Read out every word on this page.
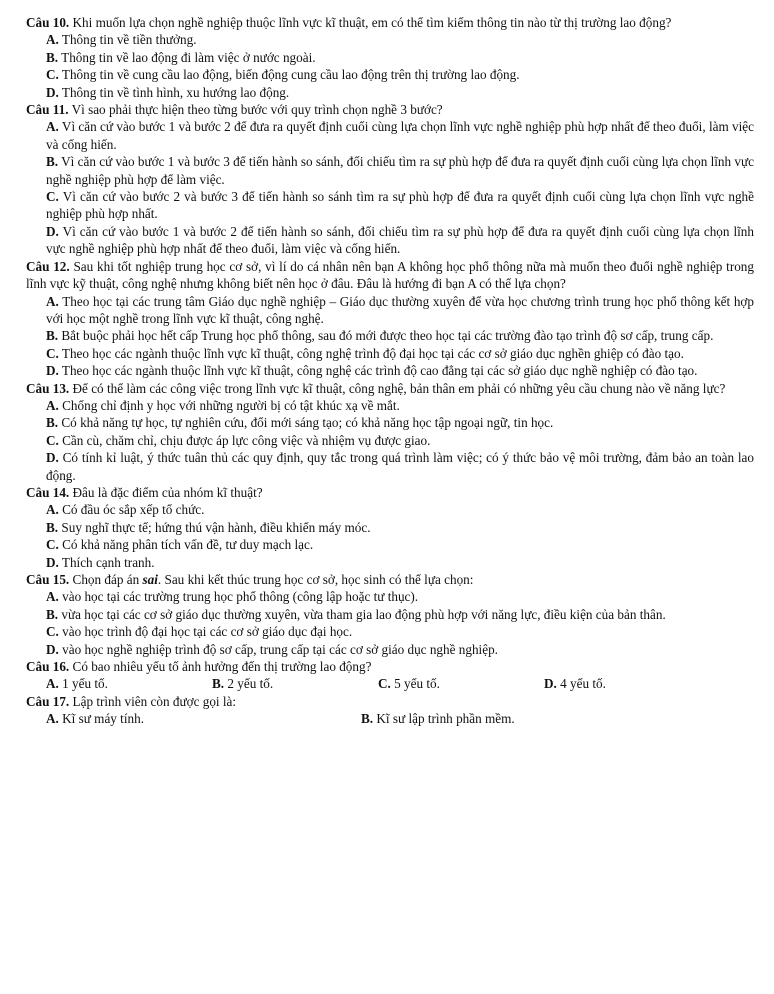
Câu 10. Khi muốn lựa chọn nghề nghiệp thuộc lĩnh vực kĩ thuật, em có thể tìm kiếm thông tin nào từ thị trường lao động?

A. Thông tin về tiền thưởng.

B. Thông tin về lao động đi làm việc ở nước ngoài.

C. Thông tin về cung cầu lao động, biến động cung cầu lao động trên thị trường lao động.

D. Thông tin về tình hình, xu hướng lao động.

Câu 11. Vì sao phải thực hiện theo từng bước với quy trình chọn nghề 3 bước?

A. Vì căn cứ vào bước 1 và bước 2 để đưa ra quyết định cuối cùng lựa chọn lĩnh vực nghề nghiệp phù hợp nhất để theo đuổi, làm việc và cống hiến.

B. Vì căn cứ vào bước 1 và bước 3 để tiến hành so sánh, đối chiếu tìm ra sự phù hợp để đưa ra quyết định cuối cùng lựa chọn lĩnh vực nghề nghiệp phù hợp để làm việc.

C. Vì căn cứ vào bước 2 và bước 3 để tiến hành so sánh tìm ra sự phù hợp để đưa ra quyết định cuối cùng lựa chọn lĩnh vực nghề nghiệp phù hợp nhất.

D. Vì căn cứ vào bước 1 và bước 2 để tiến hành so sánh, đối chiếu tìm ra sự phù hợp để đưa ra quyết định cuối cùng lựa chọn lĩnh vực nghề nghiệp phù hợp nhất để theo đuổi, làm việc và cống hiến.

Câu 12. Sau khi tốt nghiệp trung học cơ sở, vì lí do cá nhân nên bạn A không học phổ thông nữa mà muốn theo đuổi nghề nghiệp trong lĩnh vực kỹ thuật, công nghệ nhưng không biết nên học ở đâu. Đâu là hướng đi bạn A có thể lựa chọn?

A. Theo học tại các trung tâm Giáo dục nghề nghiệp – Giáo dục thường xuyên để vừa học chương trình trung học phổ thông kết hợp với học một nghề trong lĩnh vực kĩ thuật, công nghệ.

B. Bắt buộc phải học hết cấp Trung học phổ thông, sau đó mới được theo học tại các trường đào tạo trình độ sơ cấp, trung cấp.

C. Theo học các ngành thuộc lĩnh vực kĩ thuật, công nghệ trình độ đại học tại các cơ sở giáo dục nghền ghiệp có đào tạo.

D. Theo học các ngành thuộc lĩnh vực kĩ thuật, công nghệ các trình độ cao đẳng tại các sở giáo dục nghề nghiệp có đào tạo.

Câu 13. Để có thể làm các công việc trong lĩnh vực kĩ thuật, công nghệ, bản thân em phải có những yêu cầu chung nào về năng lực?

A. Chống chỉ định y học với những người bị có tật khúc xạ về mắt.

B. Có khả năng tự học, tự nghiên cứu, đổi mới sáng tạo; có khả năng học tập ngoại ngữ, tin học.

C. Cần cù, chăm chỉ, chịu được áp lực công việc và nhiệm vụ được giao.

D. Có tính kỉ luật, ý thức tuân thủ các quy định, quy tắc trong quá trình làm việc; có ý thức bảo vệ môi trường, đảm bảo an toàn lao động.

Câu 14. Đâu là đặc điểm của nhóm kĩ thuật?

A. Có đầu óc sắp xếp tổ chức.

B. Suy nghĩ thực tế; hứng thú vận hành, điều khiển máy móc.

C. Có khả năng phân tích vấn đề, tư duy mạch lạc.

D. Thích cạnh tranh.

Câu 15. Chọn đáp án sai. Sau khi kết thúc trung học cơ sở, học sinh có thể lựa chọn:

A. vào học tại các trường trung học phổ thông (công lập hoặc tư thục).

B. vừa học tại các cơ sở giáo dục thường xuyên, vừa tham gia lao động phù hợp với năng lực, điều kiện của bản thân.

C. vào học trình độ đại học tại các cơ sở giáo dục đại học.

D. vào học nghề nghiệp trình độ sơ cấp, trung cấp tại các cơ sở giáo dục nghề nghiệp.

Câu 16. Có bao nhiêu yếu tố ảnh hưởng đến thị trường lao động?

A. 1 yếu tố.	B. 2 yếu tố.	C. 5 yếu tố.	D. 4 yếu tố.

Câu 17. Lập trình viên còn được gọi là:

A. Kĩ sư máy tính.	B. Kĩ sư lập trình phần mềm.
